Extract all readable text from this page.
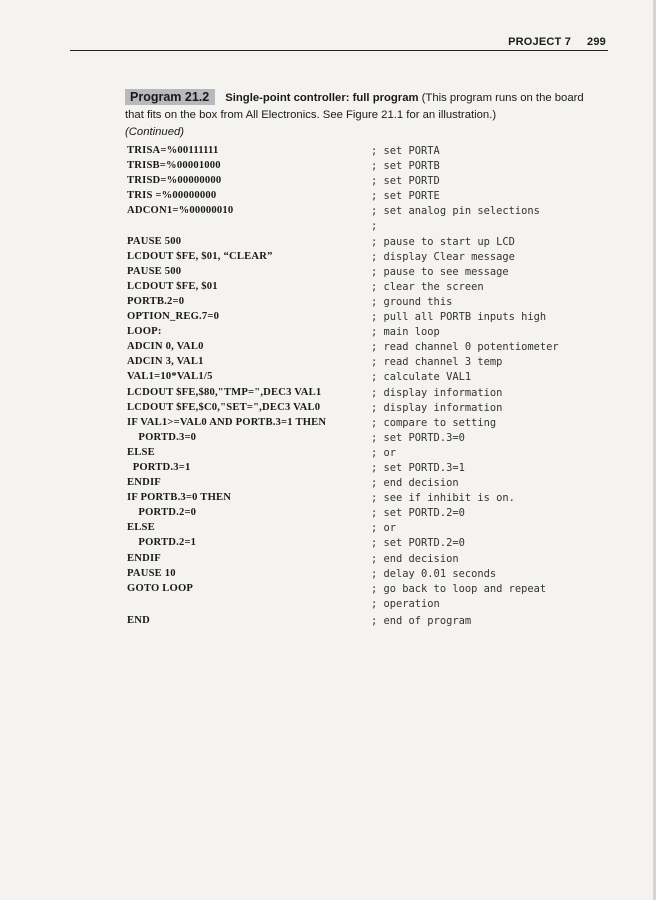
PROJECT 7 299
Program 21.2 Single-point controller: full program (This program runs on the board that fits on the box from All Electronics. See Figure 21.1 for an illustration.)
(Continued)
TRISA=%00111111	; set PORTA
TRISB=%00001000	; set PORTB
TRISD=%00000000	; set PORTD
TRIS =%00000000	; set PORTE
ADCON1=%00000010	; set analog pin selections
;
PAUSE 500	; pause to start up LCD
LCDOUT $FE, $01, “CLEAR”	; display Clear message
PAUSE 500	; pause to see message
LCDOUT $FE, $01	; clear the screen
PORTB.2=0	; ground this
OPTION_REG.7=0	; pull all PORTB inputs high
LOOP:	; main loop
ADCIN 0, VAL0	; read channel 0 potentiometer
ADCIN 3, VAL1	; read channel 3 temp
VAL1=10*VAL1/5	; calculate VAL1
LCDOUT $FE,$80,"TMP=",DEC3 VAL1	; display information
LCDOUT $FE,$C0,"SET=",DEC3 VAL0	; display information
IF VAL1>=VAL0 AND PORTB.3=1 THEN	; compare to setting
PORTD.3=0	; set PORTD.3=0
ELSE	; or
PORTD.3=1	; set PORTD.3=1
ENDIF	; end decision
IF PORTB.3=0 THEN	; see if inhibit is on.
PORTD.2=0	; set PORTD.2=0
ELSE	; or
PORTD.2=1	; set PORTD.2=0
ENDIF	; end decision
PAUSE 10	; delay 0.01 seconds
GOTO LOOP	; go back to loop and repeat
; operation
END	; end of program
